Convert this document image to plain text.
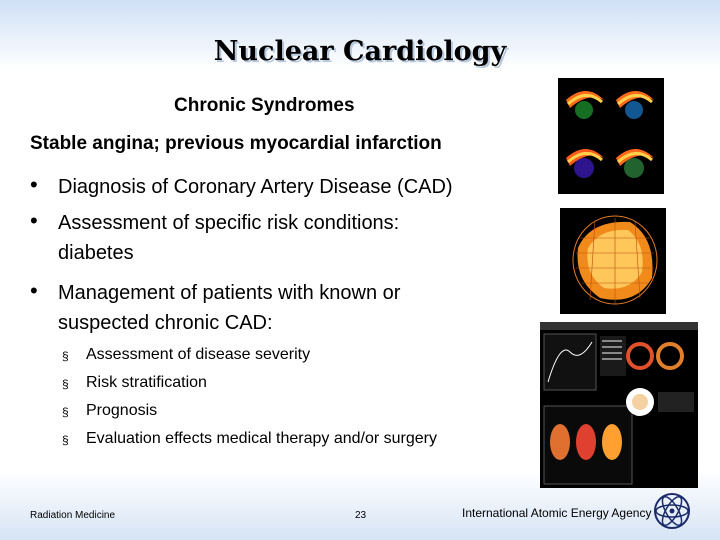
Nuclear Cardiology
Chronic Syndromes
Stable angina; previous myocardial infarction
• Diagnosis of Coronary Artery Disease (CAD)
• Assessment of specific risk conditions: diabetes
• Management of patients with known or suspected chronic CAD:
§ Assessment of disease severity
§ Risk stratification
§ Prognosis
§ Evaluation effects medical therapy and/or surgery
Radiation Medicine	23	International Atomic Energy Agency
